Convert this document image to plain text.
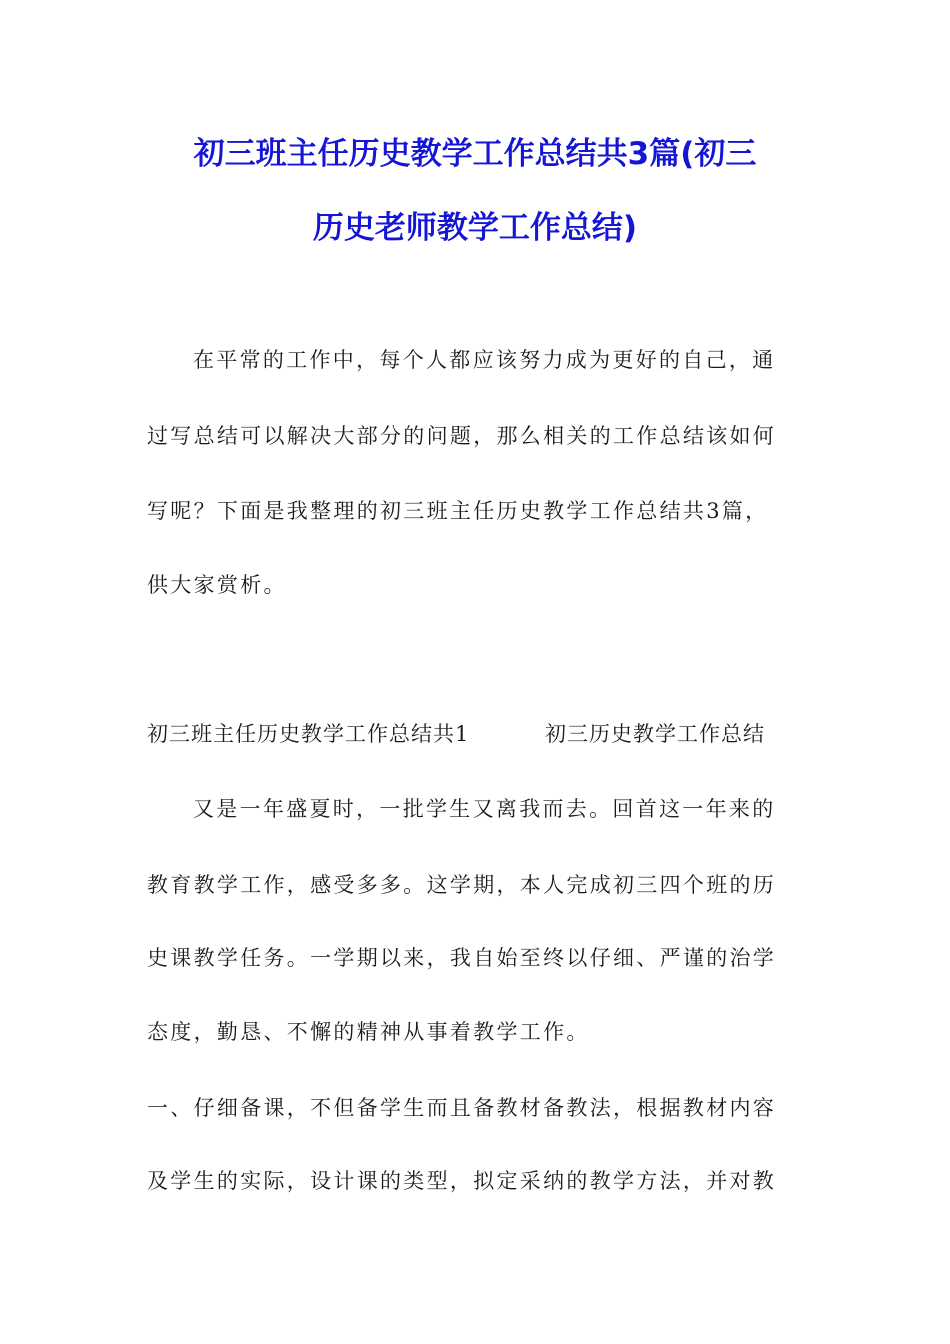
初三班主任历史教学工作总结共3篇(初三
历史老师教学工作总结)
在平常的工作中，每个人都应该努力成为更好的自己，通
过写总结可以解决大部分的问题，那么相关的工作总结该如何
写呢？下面是我整理的初三班主任历史教学工作总结共3篇，
供大家赏析。
初三班主任历史教学工作总结共1	初三历史教学工作总结
又是一年盛夏时，一批学生又离我而去。回首这一年来的
教育教学工作，感受多多。这学期，本人完成初三四个班的历
史课教学任务。一学期以来，我自始至终以仔细、严谨的治学
态度，勤恳、不懈的精神从事着教学工作。
一、仔细备课，不但备学生而且备教材备教法，根据教材内容
及学生的实际，设计课的类型，拟定采纳的教学方法，并对教
